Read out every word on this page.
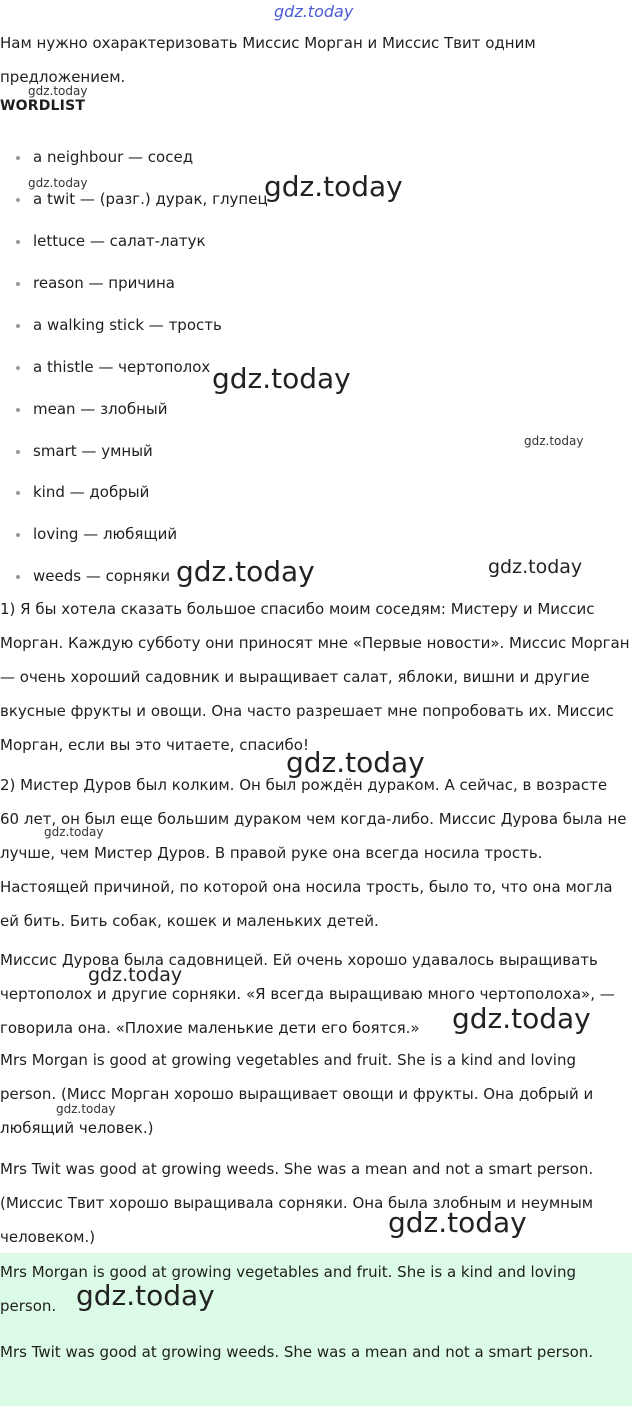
gdz.today
Нам нужно охарактеризовать Миссис Морган и Миссис Твит одним предложением.
gdz.today
WORDLIST
a neighbour — сосед
gdz.today
a twit — (разг.) дурак, глупец
gdz.today
lettuce — салат-латук
reason — причина
a walking stick — трость
a thistle — чертополох gdz.today
mean — злобный
gdz.today
smart — умный
kind — добрый
loving — любящий
weeds — сорняки gdz.today	gdz.today
1) Я бы хотела сказать большое спасибо моим соседям: Мистеру и Миссис Морган. Каждую субботу они приносят мне «Первые новости». Миссис Морган — очень хороший садовник и выращивает салат, яблоки, вишни и другие вкусные фрукты и овощи. Она часто разрешает мне попробовать их. Миссис Морган, если вы это читаете, спасибо!
gdz.today
2) Мистер Дуров был колким. Он был рождён дураком. А сейчас, в возрасте 60 лет, он был еще большим дураком чем когда-либо. Миссис Дурова была не лучше, чем Мистер Дуров. В правой руке она всегда носила трость. Настоящей причиной, по которой она носила трость, было то, что она могла ей бить. Бить собак, кошек и маленьких детей.
gdz.today
Миссис Дурова была садовницей. Ей очень хорошо удавалось выращивать чертополох и другие сорняки. «Я всегда выращиваю много чертополоха», — говорила она. «Плохие маленькие дети его боятся.»
gdz.today
gdz.today
Mrs Morgan is good at growing vegetables and fruit. She is a kind and loving person. (Мисс Морган хорошо выращивает овощи и фрукты. Она добрый и любящий человек.)
gdz.today
Mrs Twit was good at growing weeds. She was a mean and not a smart person. (Миссис Твит хорошо выращивала сорняки. Она была злобным и неумным человеком.)	gdz.today
Mrs Morgan is good at growing vegetables and fruit. She is a kind and loving person. gdz.today
Mrs Twit was good at growing weeds. She was a mean and not a smart person.
